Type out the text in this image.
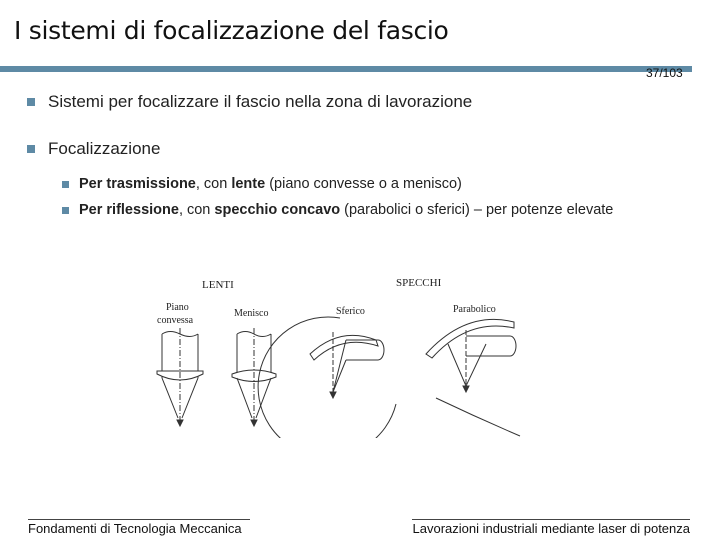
I sistemi di focalizzazione del fascio
37/103
Sistemi per focalizzare il fascio nella zona di lavorazione
Focalizzazione
Per trasmissione, con lente (piano convesse o a menisco)
Per riflessione, con specchio concavo (parabolici o sferici) – per potenze elevate
LENTI	SPECCHI
Piano
convessa
Menisco	Sferico	Parabolico
Fondamenti di Tecnologia Meccanica	Lavorazioni industriali mediante laser di potenza
